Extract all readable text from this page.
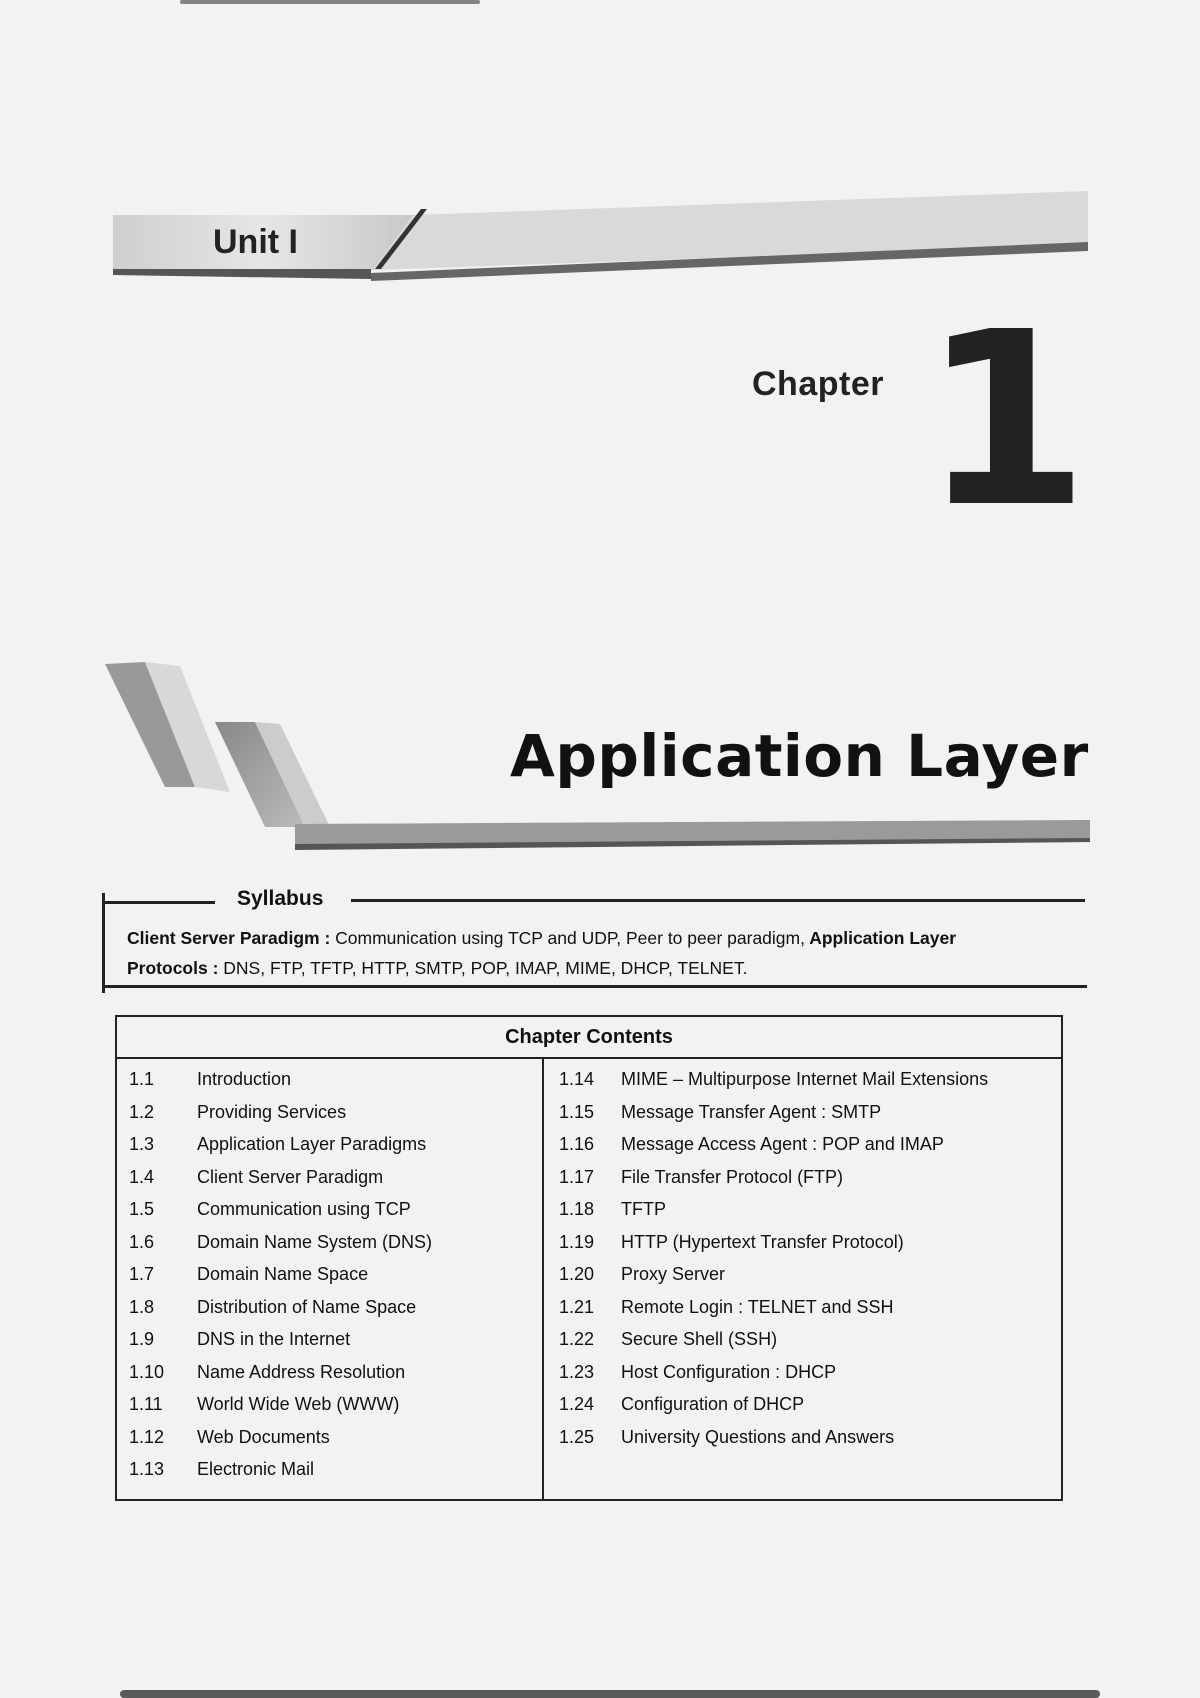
Unit I
Chapter 1
Application Layer
Syllabus
Client Server Paradigm : Communication using TCP and UDP, Peer to peer paradigm, Application Layer
Protocols : DNS, FTP, TFTP, HTTP, SMTP, POP, IMAP, MIME, DHCP, TELNET.
Chapter Contents
1.1	Introduction
1.2	Providing Services
1.3	Application Layer Paradigms
1.4	Client Server Paradigm
1.5	Communication using TCP
1.6	Domain Name System (DNS)
1.7	Domain Name Space
1.8	Distribution of Name Space
1.9	DNS in the Internet
1.10	Name Address Resolution
1.11	World Wide Web (WWW)
1.12	Web Documents
1.13	Electronic Mail
1.14	MIME – Multipurpose Internet Mail Extensions
1.15	Message Transfer Agent : SMTP
1.16	Message Access Agent : POP and IMAP
1.17	File Transfer Protocol (FTP)
1.18	TFTP
1.19	HTTP (Hypertext Transfer Protocol)
1.20	Proxy Server
1.21	Remote Login : TELNET and SSH
1.22	Secure Shell (SSH)
1.23	Host Configuration : DHCP
1.24	Configuration of DHCP
1.25	University Questions and Answers
